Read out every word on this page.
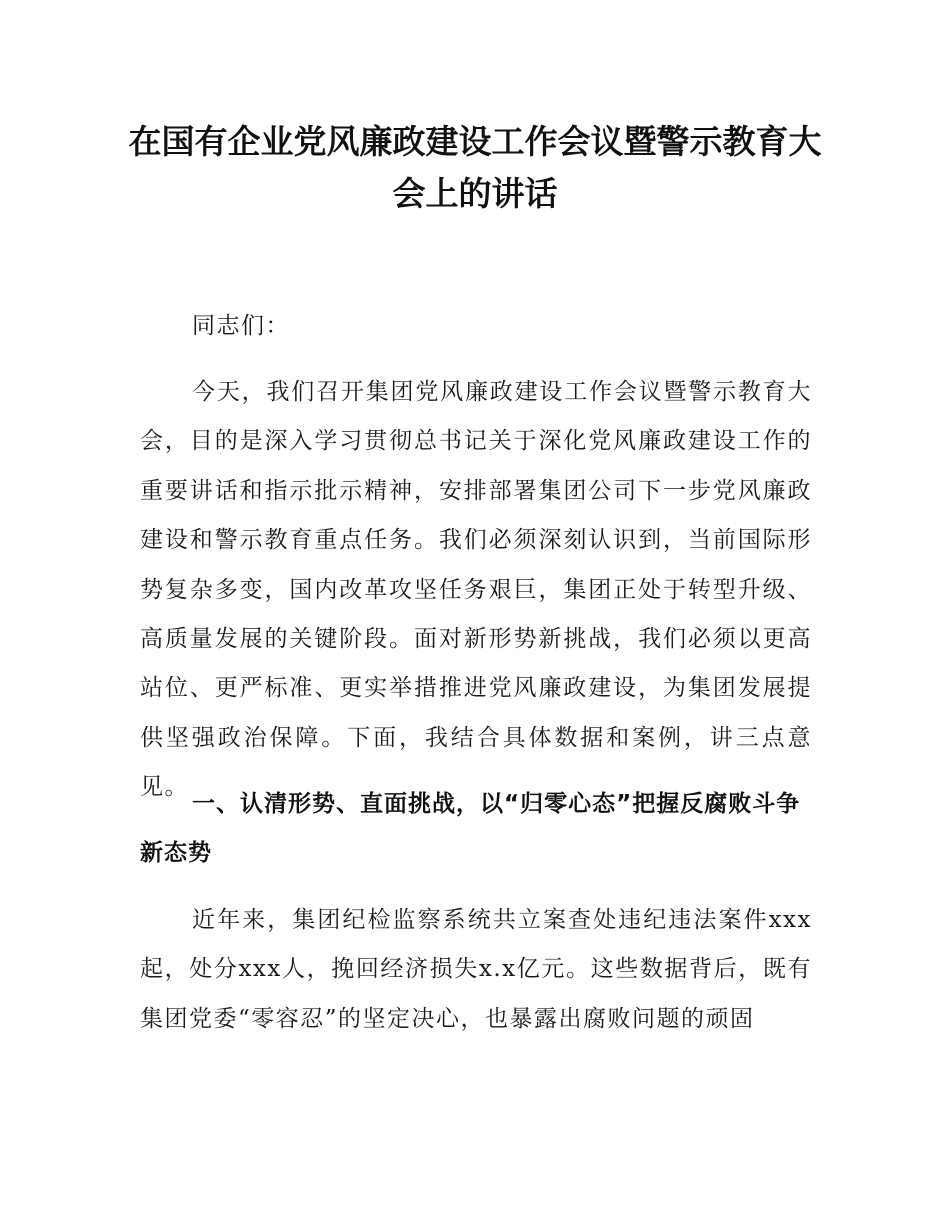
在国有企业党风廉政建设工作会议暨警示教育大会上的讲话

同志们：

今天，我们召开集团党风廉政建设工作会议暨警示教育大会，目的是深入学习贯彻总书记关于深化党风廉政建设工作的重要讲话和指示批示精神，安排部署集团公司下一步党风廉政建设和警示教育重点任务。我们必须深刻认识到，当前国际形势复杂多变，国内改革攻坚任务艰巨，集团正处于转型升级、高质量发展的关键阶段。面对新形势新挑战，我们必须以更高站位、更严标准、更实举措推进党风廉政建设，为集团发展提供坚强政治保障。下面，我结合具体数据和案例，讲三点意见。

一、认清形势、直面挑战，以“归零心态”把握反腐败斗争新态势

近年来，集团纪检监察系统共立案查处违纪违法案件xxx起，处分xxx人，挽回经济损失x.x亿元。这些数据背后，既有集团党委“零容忍”的坚定决心，也暴露出腐败问题的顽固
